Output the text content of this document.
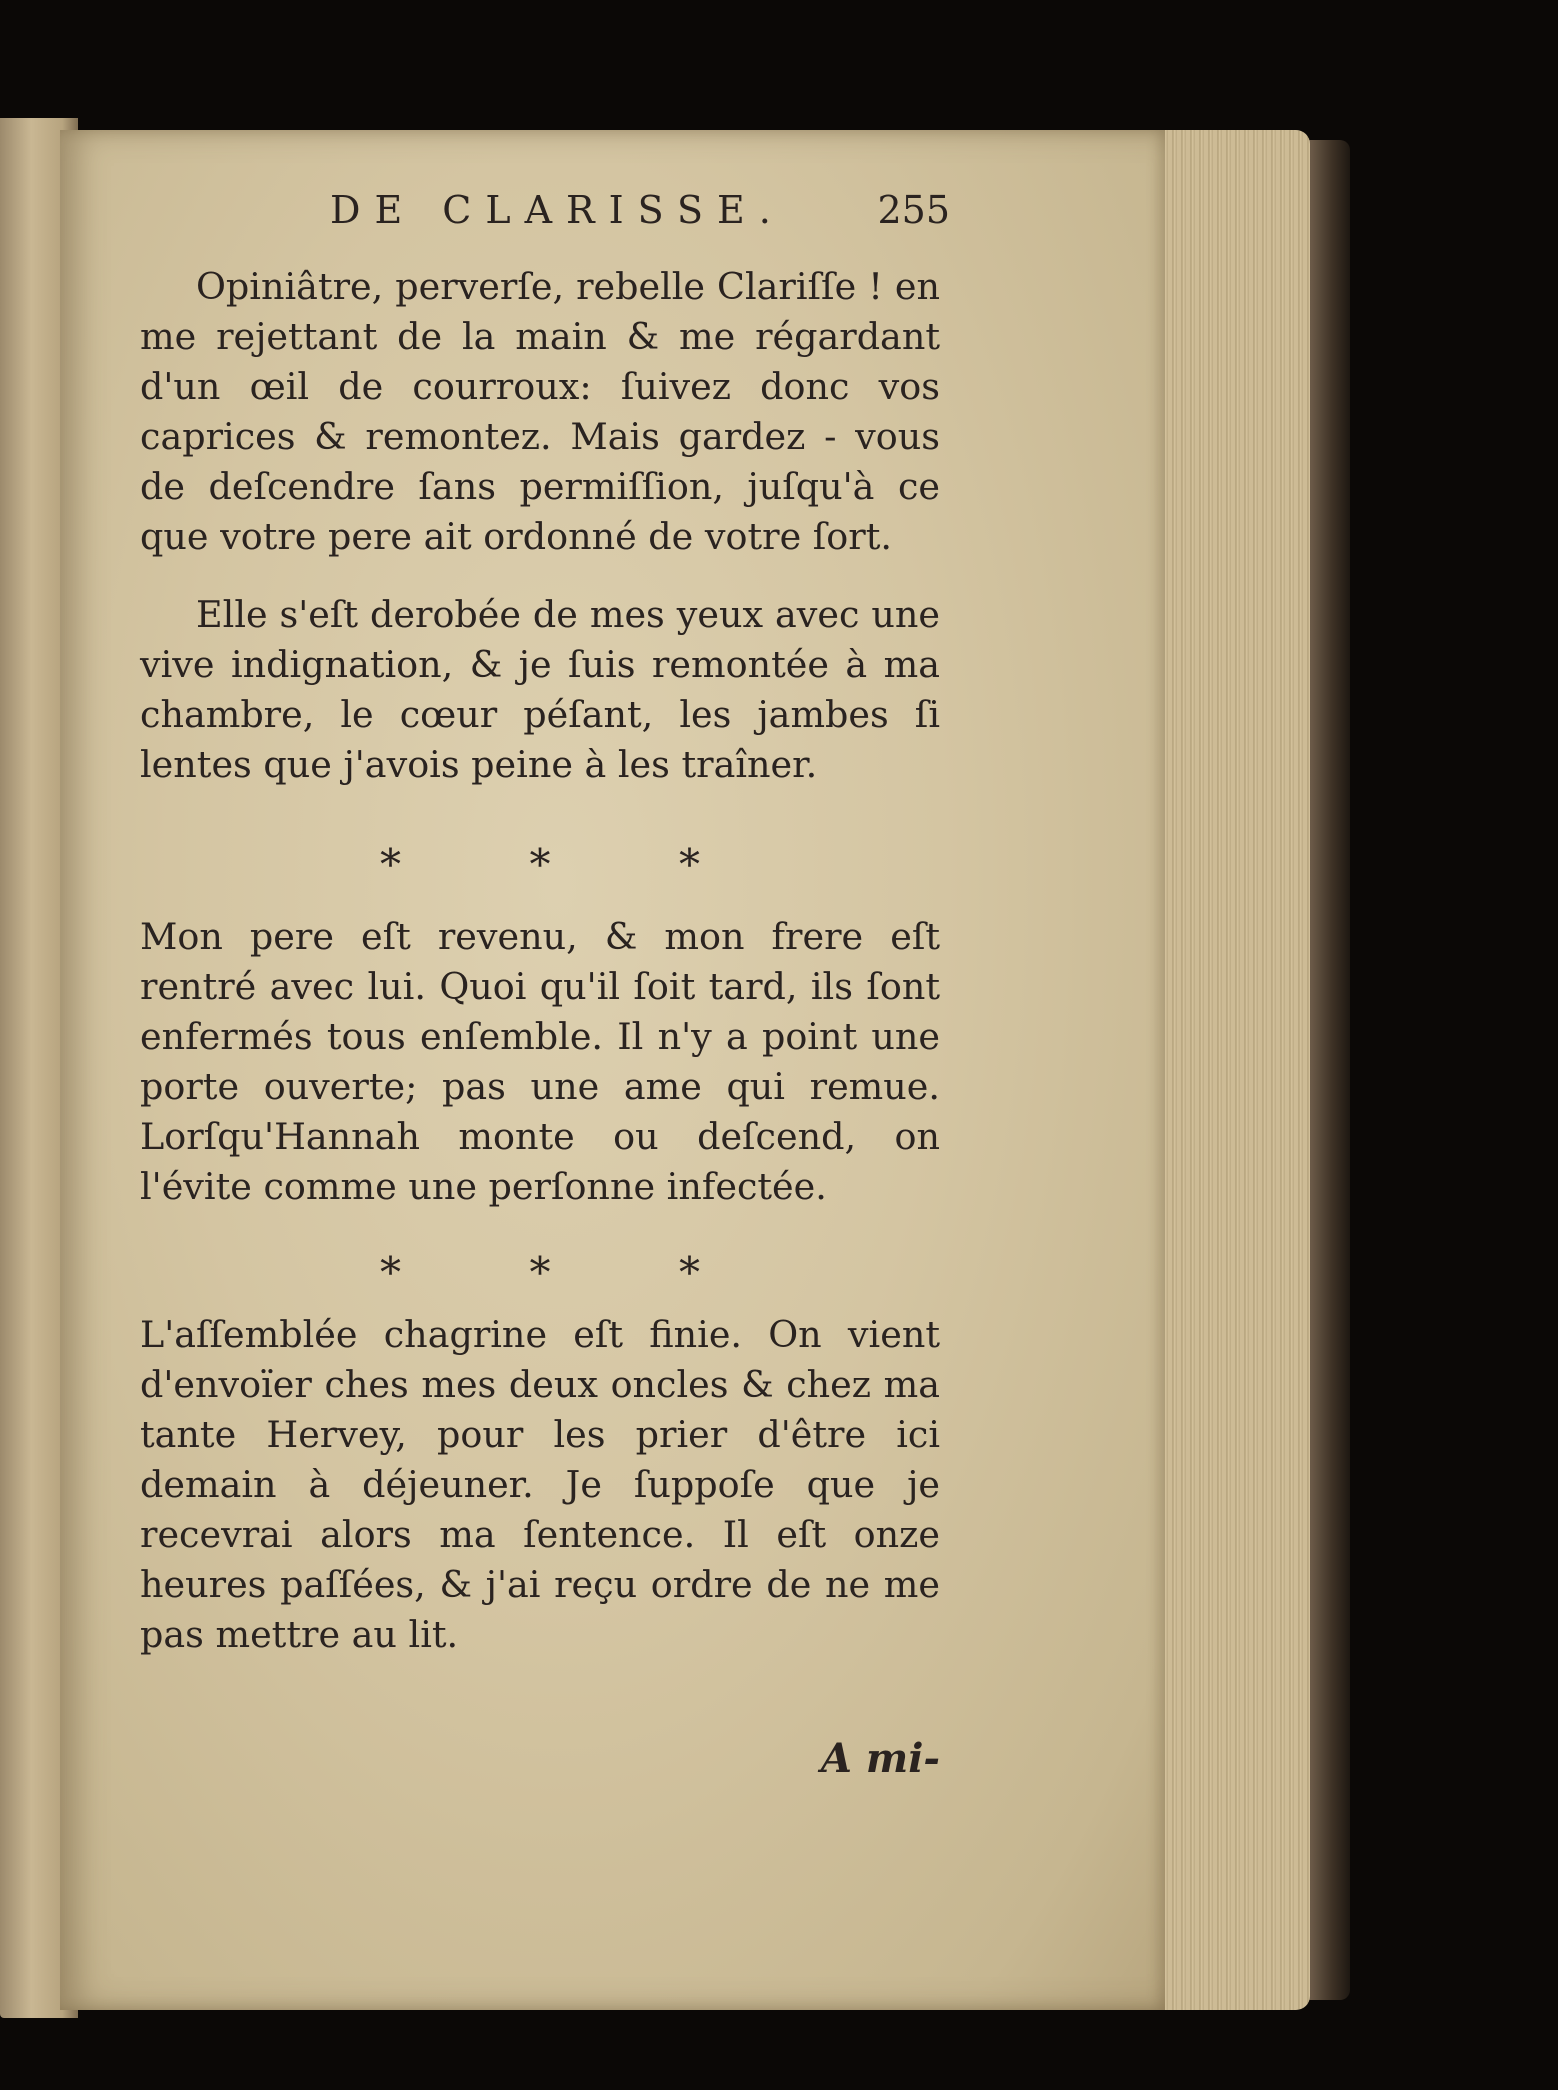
DE CLARISSE. 255
Opiniâtre, perverſe, rebelle Clariſſe ! en me rejettant de la main & me régardant d'un œil de courroux: ſuivez donc vos caprices & remontez. Mais gardez - vous de deſcendre ſans permiſſion, juſqu'à ce que votre pere ait ordonné de votre ſort.
Elle s'eſt derobée de mes yeux avec une vive indignation, & je ſuis remontée à ma chambre, le cœur péſant, les jambes ſi lentes que j'avois peine à les traîner.
*	*	*
Mon pere eſt revenu, & mon frere eſt rentré avec lui. Quoi qu'il ſoit tard, ils ſont enfermés tous enſemble. Il n'y a point une porte ouverte; pas une ame qui remue. Lorſqu'Hannah monte ou deſcend, on l'évite comme une perſonne infectée.
*	*	*
L'aſſemblée chagrine eſt finie. On vient d'envoïer ches mes deux oncles & chez ma tante Hervey, pour les prier d'être ici demain à déjeuner. Je ſuppoſe que je recevrai alors ma ſentence. Il eſt onze heures paſſées, & j'ai reçu ordre de ne me pas mettre au lit.
A mi-
